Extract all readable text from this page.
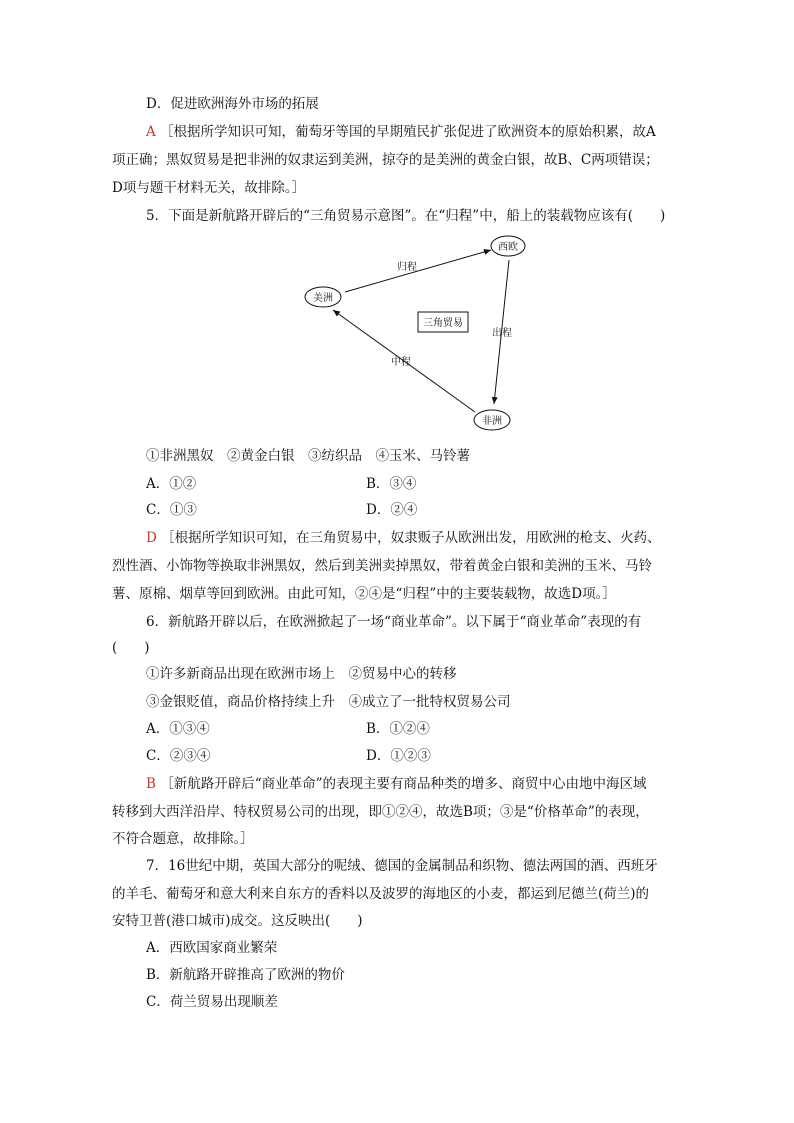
D．促进欧洲海外市场的拓展
A ［根据所学知识可知，葡萄牙等国的早期殖民扩张促进了欧洲资本的原始积累，故A
项正确；黑奴贸易是把非洲的奴隶运到美洲，掠夺的是美洲的黄金白银，故B、C两项错误；
D项与题干材料无关，故排除。］
5．下面是新航路开辟后的“三角贸易示意图”。在“归程”中，船上的装载物应该有(　　)
西欧
美洲
非洲
三角贸易
归程
出程
中程
①非洲黑奴　②黄金白银　③纺织品　④玉米、马铃薯
A．①②	B．③④
C．①③	D．②④
D ［根据所学知识可知，在三角贸易中，奴隶贩子从欧洲出发，用欧洲的枪支、火药、
烈性酒、小饰物等换取非洲黑奴，然后到美洲卖掉黑奴，带着黄金白银和美洲的玉米、马铃
薯、原棉、烟草等回到欧洲。由此可知，②④是“归程”中的主要装载物，故选D项。］
6．新航路开辟以后，在欧洲掀起了一场“商业革命”。以下属于“商业革命”表现的有
(　　)
①许多新商品出现在欧洲市场上　②贸易中心的转移
③金银贬值，商品价格持续上升　④成立了一批特权贸易公司
A．①③④	B．①②④
C．②③④	D．①②③
B ［新航路开辟后“商业革命”的表现主要有商品种类的增多、商贸中心由地中海区域
转移到大西洋沿岸、特权贸易公司的出现，即①②④，故选B项；③是“价格革命”的表现，
不符合题意，故排除。］
7．16世纪中期，英国大部分的呢绒、德国的金属制品和织物、德法两国的酒、西班牙
的羊毛、葡萄牙和意大利来自东方的香料以及波罗的海地区的小麦，都运到尼德兰(荷兰)的
安特卫普(港口城市)成交。这反映出(　　)
A．西欧国家商业繁荣
B．新航路开辟推高了欧洲的物价
C．荷兰贸易出现顺差
